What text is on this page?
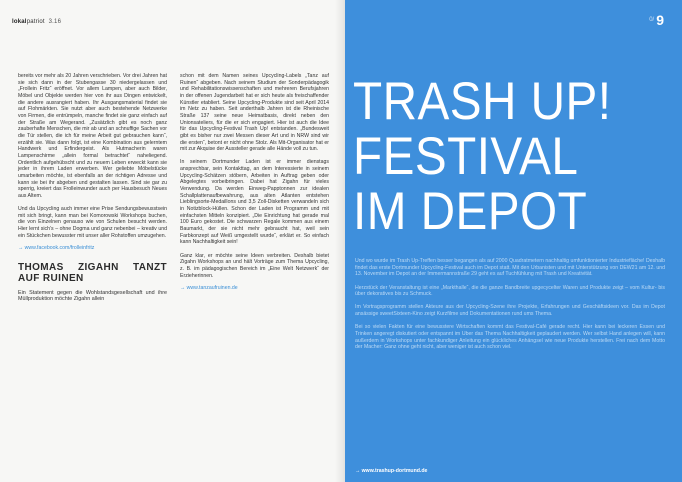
lokalpatriot 3.16

bereits vor mehr als 20 Jahren verschrieben. Vor drei Jahren hat sie sich dann in der Stubengasse 30 niedergelassen und „Frollein Fritz“ eröffnet. Vor allem Lampen, aber auch Bilder, Möbel und Objekte werden hier von ihr aus Dingen entwickelt, die andere ausrangiert haben. Ihr Ausgangsmaterial findet sie auf Flohmärkten. Sie nutzt aber auch bestehende Netzwerke von Firmen, die entrümpeln, manche findet sie ganz einfach auf der Straße am Wegerand. „Zusätzlich gibt es noch ganz zauberhafte Menschen, die mir ab und an schnuffige Sachen vor die Tür stellen, die ich für meine Arbeit gut gebrauchen kann“, erzählt sie. Was dann folgt, ist eine Kombination aus gelerntem Handwerk und Erfindergeist. Als Hutmacherin waren Lampenschirme „allein formal betrachtet“ naheliegend. Ordentlich aufgehübscht und zu neuem Leben erweckt kann sie jeder in ihrem Laden erwerben. Wer geliebte Möbelstücke umarbeiten möchte, ist ebenfalls an der richtigen Adresse und kann sie bei ihr abgeben und gestalten lassen. Sind sie gar zu sperrig, kreiert das Frolleinwunder auch per Hausbesuch Neues aus Altem.

Und da Upcycling auch immer eine Prise Sendungsbewusstsein mit sich bringt, kann man bei Komorowski Workshops buchen, die von Einzelnen genauso wie von Schulen besucht werden. Hier lernt sich’s – ohne Dogma und ganz nebenbei – kreativ und ein Stückchen bewusster mit unser aller Rohstoffen umzugehen.

→ www.facebook.com/frolleinfritz
THOMAS ZIGAHN TANZT AUF RUINEN

Ein Statement gegen die Wohlstandsgesellschaft und ihre Müllproduktion möchte Zigahn allein

schon mit dem Namen seines Upcycling-Labels „Tanz auf Ruinen“ abgeben. Nach seinem Studium der Sonderpädagogik und Rehabilitationswissenschaften und mehreren Berufsjahren in der offenen Jugendarbeit hat er sich heute als freischaffender Künstler etabliert. Seine Upcycling-Produkte sind seit April 2014 im Netz zu haben. Seit anderthalb Jahren ist die Rheinische Straße 137 seine neue Heimatbasis, direkt neben den Unionsateliers, für die er sich engagiert. Hier ist auch die Idee für das Upcycling-Festival Trash Up! entstanden. „Bundesweit gibt es bisher nur zwei Messen dieser Art und in NRW sind wir die ersten“, betont er nicht ohne Stolz. Als Mit-Organisator hat er mit zur Akquise der Aussteller gerade alle Hände voll zu tun.

In seinem Dortmunder Laden ist er immer dienstags ansprechbar, sein Kontakttag, an dem Interessierte in seinem Upcycling-Schätzen stöbern, Arbeiten in Auftrag geben oder Abgelegtes vorbeibringen. Dabei hat Zigahn für vieles Verwendung. Da werden Einweg-Papptonnen zur idealen Schallplattenaufbewahrung, aus alten Atlanten entstehen Lieblingsorte-Medaillons und 3,5 Zoll-Disketten verwandeln sich in Notizblock-Hüllen. Schon der Laden ist Programm und mit einfachsten Mitteln konzipiert. „Die Einrichtung hat gerade mal 100 Euro gekostet. Die schwarzen Regale kommen aus einem Baumarkt, der sie nicht mehr gebraucht hat, weil sein Farbkonzept auf Weiß umgestellt wurde“, erklärt er. So einfach kann Nachhaltigkeit sein!

Ganz klar, er möchte seine Ideen verbreiten. Deshalb bietet Zigahn Workshops an und hält Vorträge zum Thema Upcycling, z. B. im pädagogischen Bereich im „Eine Welt Netzwerk“ der Erzieherinnen.

→ www.tanzaufruinen.de
$^{0/}$ 9
TRASH UP!
FESTIVAL
IM DEPOT

Und wo wurde im Trash Up-Treffen besser begangen als auf 2000 Quadratmetern nachhaltig umfunktionierter Industriefläche! Deshalb findet das erste Dortmunder Upcycling-Festival auch im Depot statt. Mit den Urbanisten und mit Unterstützung von DEW21 am 12. und 13. November im Depot an der Immermannstraße 29 geht es auf Tuchfühlung mit Trash und Kreativität.

Herzstück der Veranstaltung ist eine „Markthalle“, die die ganze Bandbreite upgecycelter Waren und Produkte zeigt – vom Kultur- bis über dekoratives bis zu Schmuck.

Im Vortragsprogramm stellen Akteure aus der Upcycling-Szene ihre Projekte, Erfahrungen und Geschäftsideen vor. Das im Depot ansässige sweetSixteen-Kino zeigt Kurzfilme und Dokumentationen rund ums Thema.

Bei so vielen Fakten für eine bewusstere Wirtschaften kommt das Festival-Café gerade recht. Hier kann bei leckeren Essen und Trinken angeregt diskutiert oder entspannt im Uber das Thema Nachhaltigkeit geplaudert werden. Wer selbst Hand anlegen will, kann außerdem in Workshops unter fachkundiger Anleitung ein glückliches Anhängsel wie neue Produkte herstellen. Frei nach dem Motto der Macher: Ganz ohne geht nicht, aber weniger ist auch schon viel.

→ www.trashup-dortmund.de
